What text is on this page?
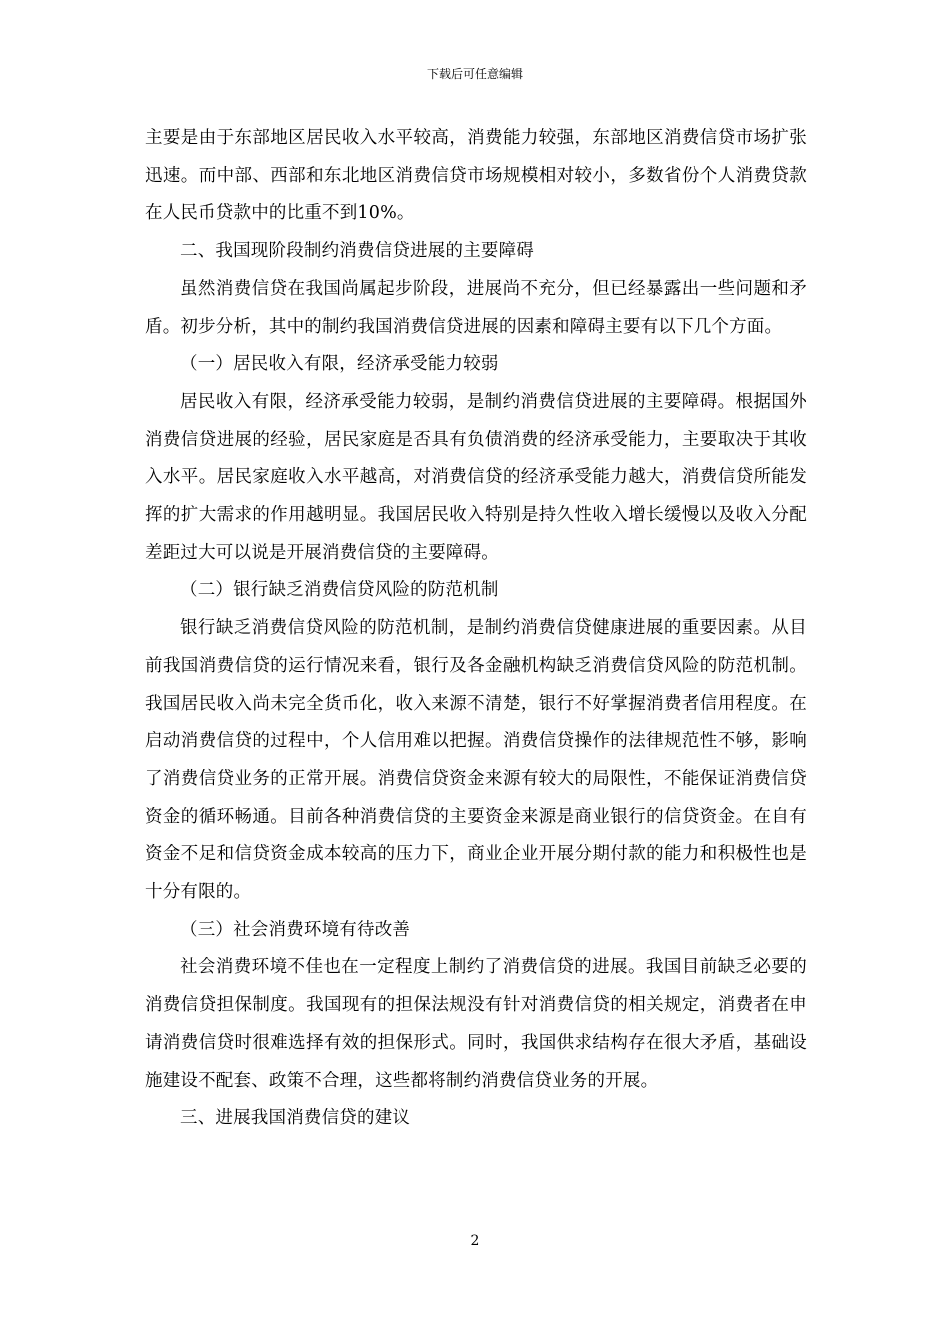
下载后可任意编辑

主要是由于东部地区居民收入水平较高，消费能力较强，东部地区消费信贷市场扩张迅速。而中部、西部和东北地区消费信贷市场规模相对较小，多数省份个人消费贷款在人民币贷款中的比重不到10%。

二、我国现阶段制约消费信贷进展的主要障碍

虽然消费信贷在我国尚属起步阶段，进展尚不充分，但已经暴露出一些问题和矛盾。初步分析，其中的制约我国消费信贷进展的因素和障碍主要有以下几个方面。

（一）居民收入有限，经济承受能力较弱

居民收入有限，经济承受能力较弱，是制约消费信贷进展的主要障碍。根据国外消费信贷进展的经验，居民家庭是否具有负债消费的经济承受能力，主要取决于其收入水平。居民家庭收入水平越高，对消费信贷的经济承受能力越大，消费信贷所能发挥的扩大需求的作用越明显。我国居民收入特别是持久性收入增长缓慢以及收入分配差距过大可以说是开展消费信贷的主要障碍。

（二）银行缺乏消费信贷风险的防范机制

银行缺乏消费信贷风险的防范机制，是制约消费信贷健康进展的重要因素。从目前我国消费信贷的运行情况来看，银行及各金融机构缺乏消费信贷风险的防范机制。我国居民收入尚未完全货币化，收入来源不清楚，银行不好掌握消费者信用程度。在启动消费信贷的过程中，个人信用难以把握。消费信贷操作的法律规范性不够，影响了消费信贷业务的正常开展。消费信贷资金来源有较大的局限性，不能保证消费信贷资金的循环畅通。目前各种消费信贷的主要资金来源是商业银行的信贷资金。在自有资金不足和信贷资金成本较高的压力下，商业企业开展分期付款的能力和积极性也是十分有限的。

（三）社会消费环境有待改善

社会消费环境不佳也在一定程度上制约了消费信贷的进展。我国目前缺乏必要的消费信贷担保制度。我国现有的担保法规没有针对消费信贷的相关规定，消费者在申请消费信贷时很难选择有效的担保形式。同时，我国供求结构存在很大矛盾，基础设施建设不配套、政策不合理，这些都将制约消费信贷业务的开展。

三、进展我国消费信贷的建议

2
